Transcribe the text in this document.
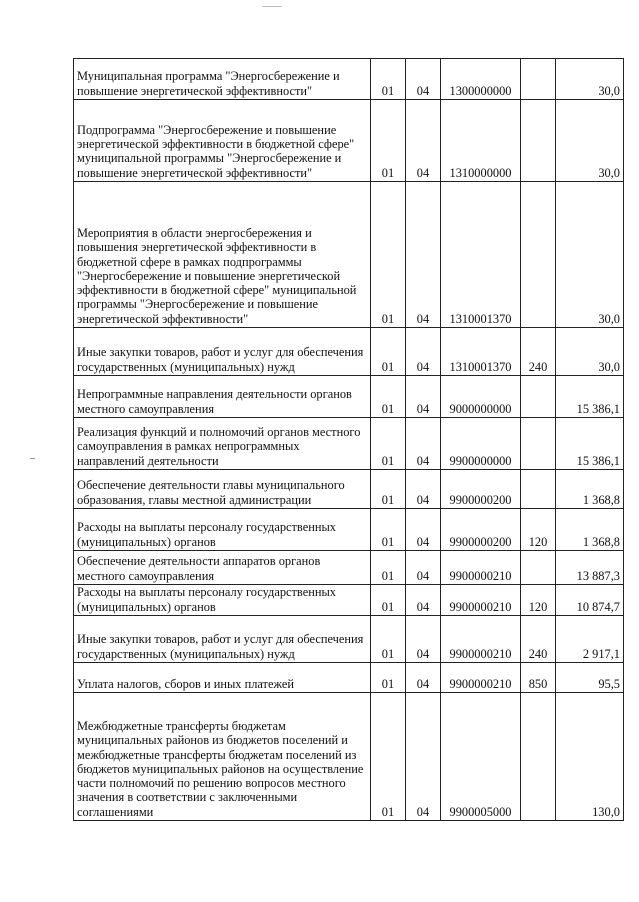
Муниципальная программа "Энергосбережение и повышение энергетической эффективности"	01	04	1300000000		30,0
Подпрограмма "Энергосбережение и повышение энергетической эффективности в бюджетной сфере" муниципальной программы "Энергосбережение и повышение энергетической эффективности"	01	04	1310000000		30,0
Мероприятия в области энергосбережения и повышения энергетической эффективности в бюджетной сфере в рамках подпрограммы "Энергосбережение и повышение энергетической эффективности в бюджетной сфере" муниципальной программы "Энергосбережение и повышение энергетической эффективности"	01	04	1310001370		30,0
Иные закупки товаров, работ и услуг для обеспечения государственных (муниципальных) нужд	01	04	1310001370	240	30,0
Непрограммные направления деятельности органов местного самоуправления	01	04	9000000000		15 386,1
Реализация функций и полномочий органов местного самоуправления в рамках непрограммных направлений деятельности	01	04	9900000000		15 386,1
Обеспечение деятельности главы муниципального образования, главы местной администрации	01	04	9900000200		1 368,8
Расходы на выплаты персоналу государственных (муниципальных) органов	01	04	9900000200	120	1 368,8
Обеспечение деятельности аппаратов органов местного самоуправления	01	04	9900000210		13 887,3
Расходы на выплаты персоналу государственных (муниципальных) органов	01	04	9900000210	120	10 874,7
Иные закупки товаров, работ и услуг для обеспечения государственных (муниципальных) нужд	01	04	9900000210	240	2 917,1
Уплата налогов, сборов и иных платежей	01	04	9900000210	850	95,5
Межбюджетные трансферты бюджетам муниципальных районов из бюджетов поселений и межбюджетные трансферты бюджетам поселений из бюджетов муниципальных районов на осуществление части полномочий по решению вопросов местного значения в соответствии с заключенными соглашениями	01	04	9900005000		130,0
